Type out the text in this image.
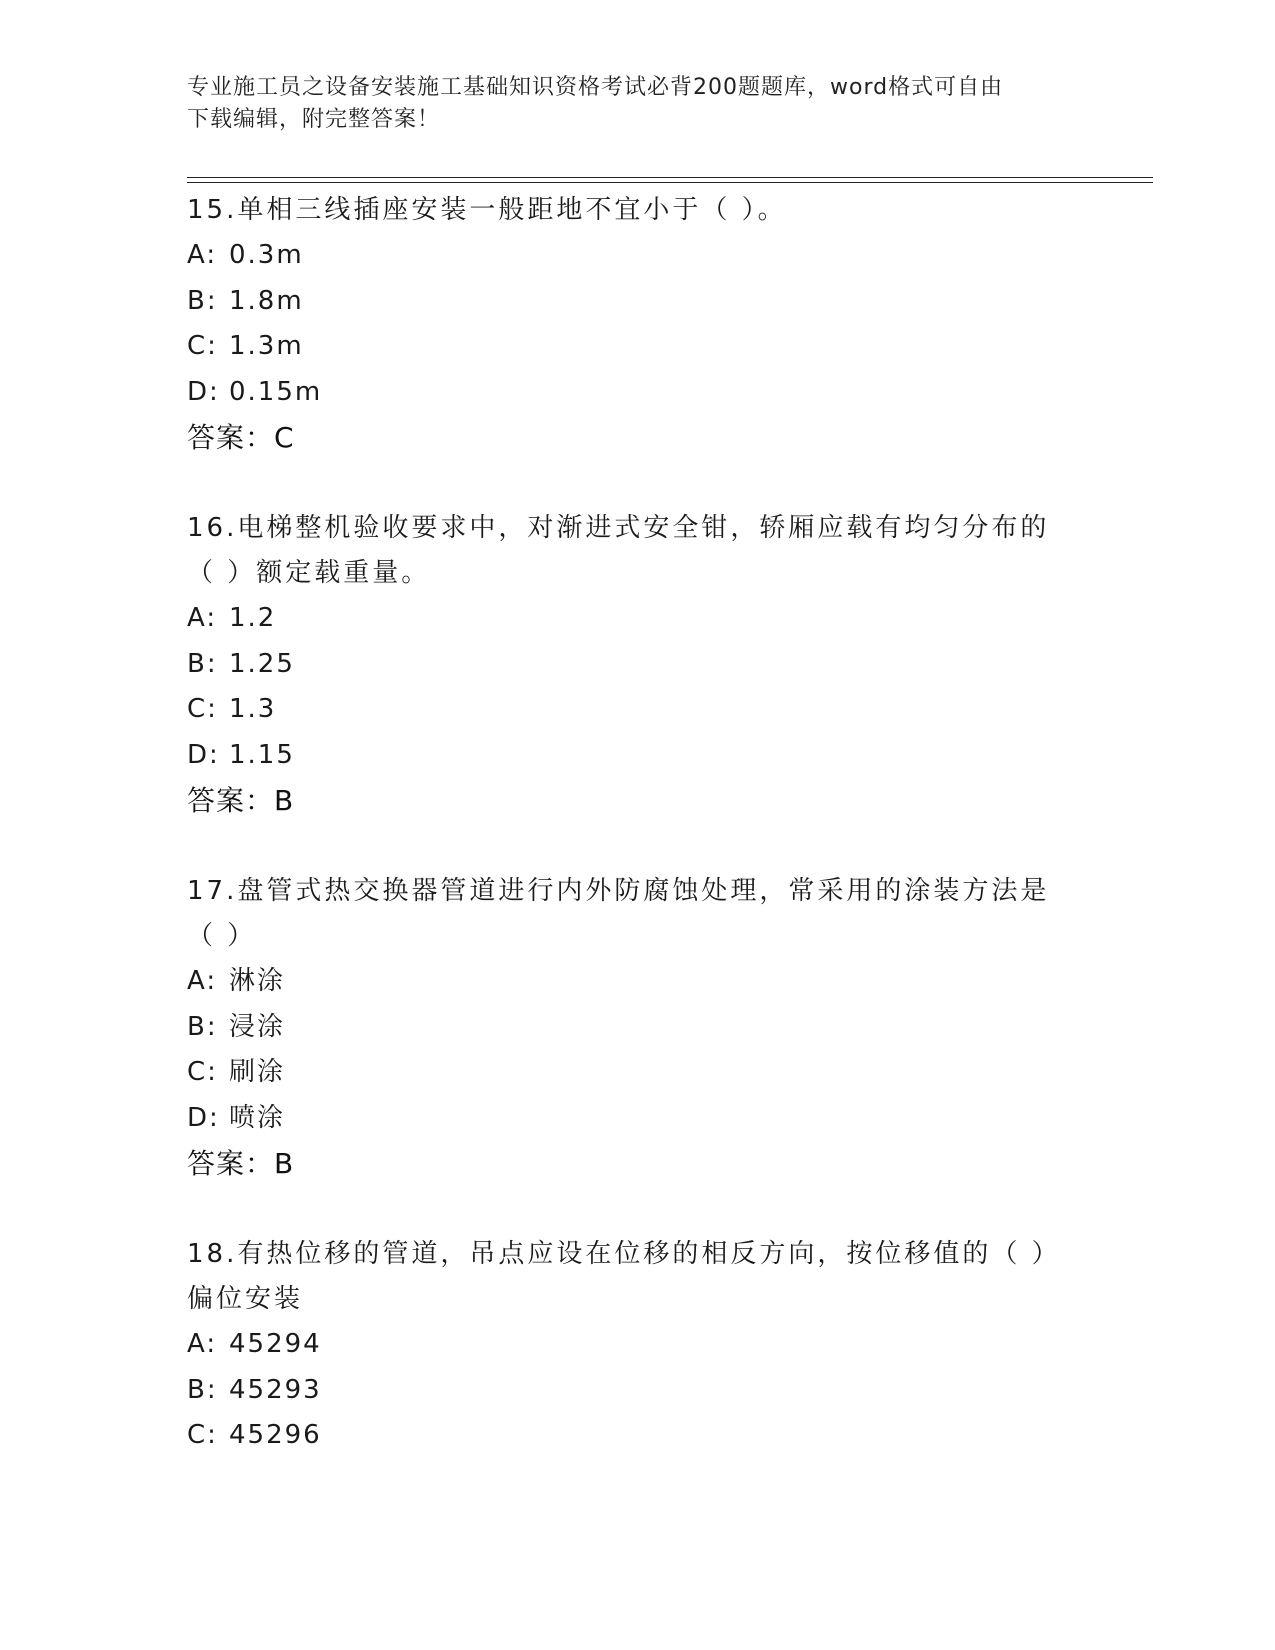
专业施工员之设备安装施工基础知识资格考试必背200题题库，word格式可自由
下载编辑，附完整答案！
15.单相三线插座安装一般距地不宜小于（ ）。
A: 0.3m
B: 1.8m
C: 1.3m
D: 0.15m
答案：C
16.电梯整机验收要求中，对渐进式安全钳，轿厢应载有均匀分布的（ ）额定载重量。
A: 1.2
B: 1.25
C: 1.3
D: 1.15
答案：B
17.盘管式热交换器管道进行内外防腐蚀处理，常采用的涂装方法是（ ）
A: 淋涂
B: 浸涂
C: 刷涂
D: 喷涂
答案：B
18.有热位移的管道，吊点应设在位移的相反方向，按位移值的（ ）偏位安装
A: 45294
B: 45293
C: 45296
